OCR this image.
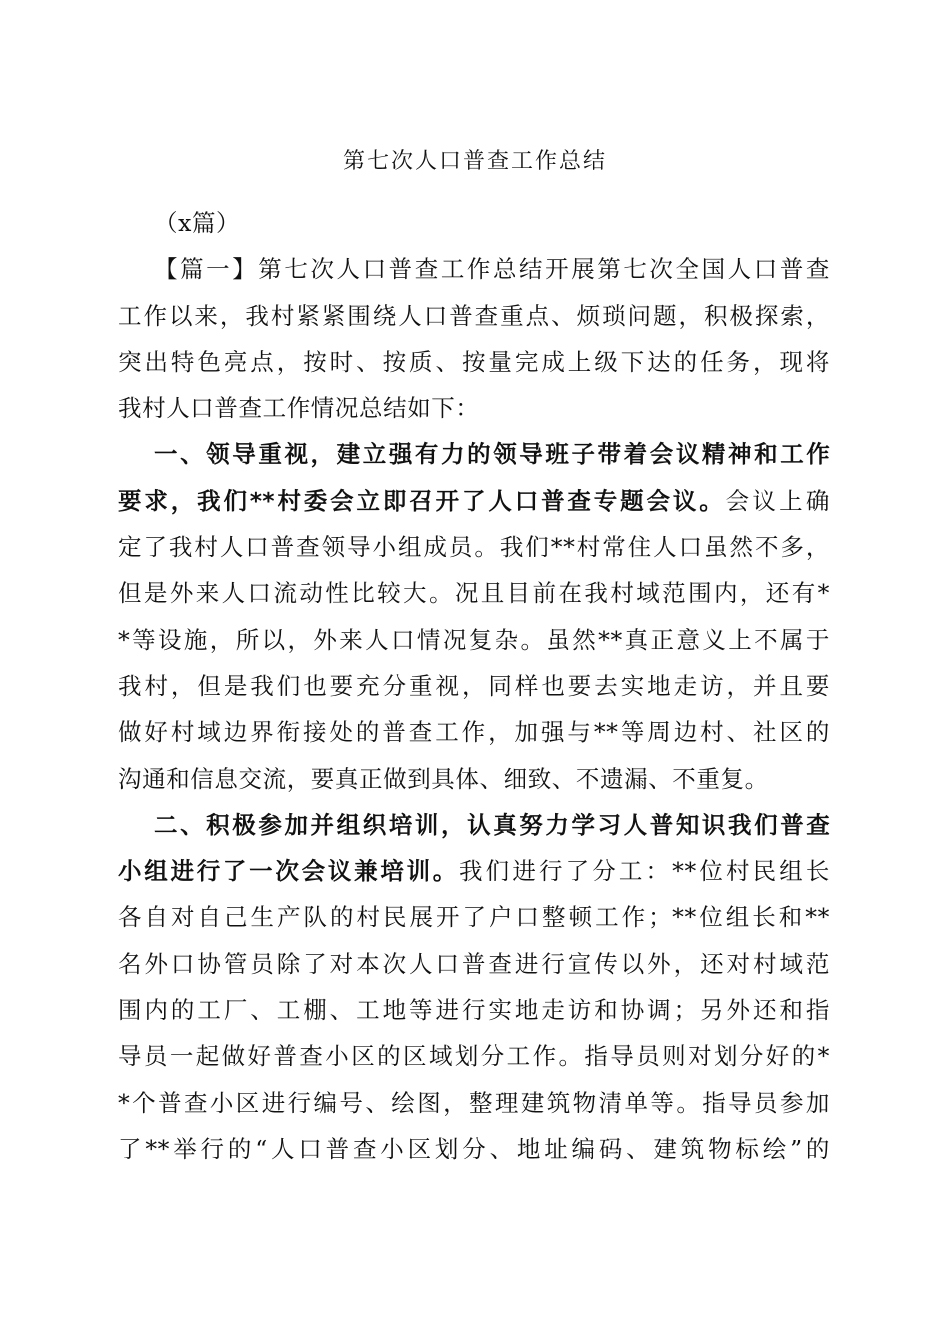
第七次人口普查工作总结
（x篇）
【篇一】第七次人口普查工作总结开展第七次全国人口普查
工作以来，我村紧紧围绕人口普查重点、烦琐问题，积极探索，
突出特色亮点，按时、按质、按量完成上级下达的任务，现将
我村人口普查工作情况总结如下：
一、领导重视，建立强有力的领导班子带着会议精神和工作
要求，我们**村委会立即召开了人口普查专题会议。会议上确
定了我村人口普查领导小组成员。我们**村常住人口虽然不多，
但是外来人口流动性比较大。况且目前在我村域范围内，还有*
*等设施，所以，外来人口情况复杂。虽然**真正意义上不属于
我村，但是我们也要充分重视，同样也要去实地走访，并且要
做好村域边界衔接处的普查工作，加强与**等周边村、社区的
沟通和信息交流，要真正做到具体、细致、不遗漏、不重复。
二、积极参加并组织培训，认真努力学习人普知识我们普查
小组进行了一次会议兼培训。我们进行了分工：**位村民组长
各自对自己生产队的村民展开了户口整顿工作；**位组长和**
名外口协管员除了对本次人口普查进行宣传以外，还对村域范
围内的工厂、工棚、工地等进行实地走访和协调；另外还和指
导员一起做好普查小区的区域划分工作。指导员则对划分好的*
*个普查小区进行编号、绘图，整理建筑物清单等。指导员参加
了**举行的“人口普查小区划分、地址编码、建筑物标绘”的
